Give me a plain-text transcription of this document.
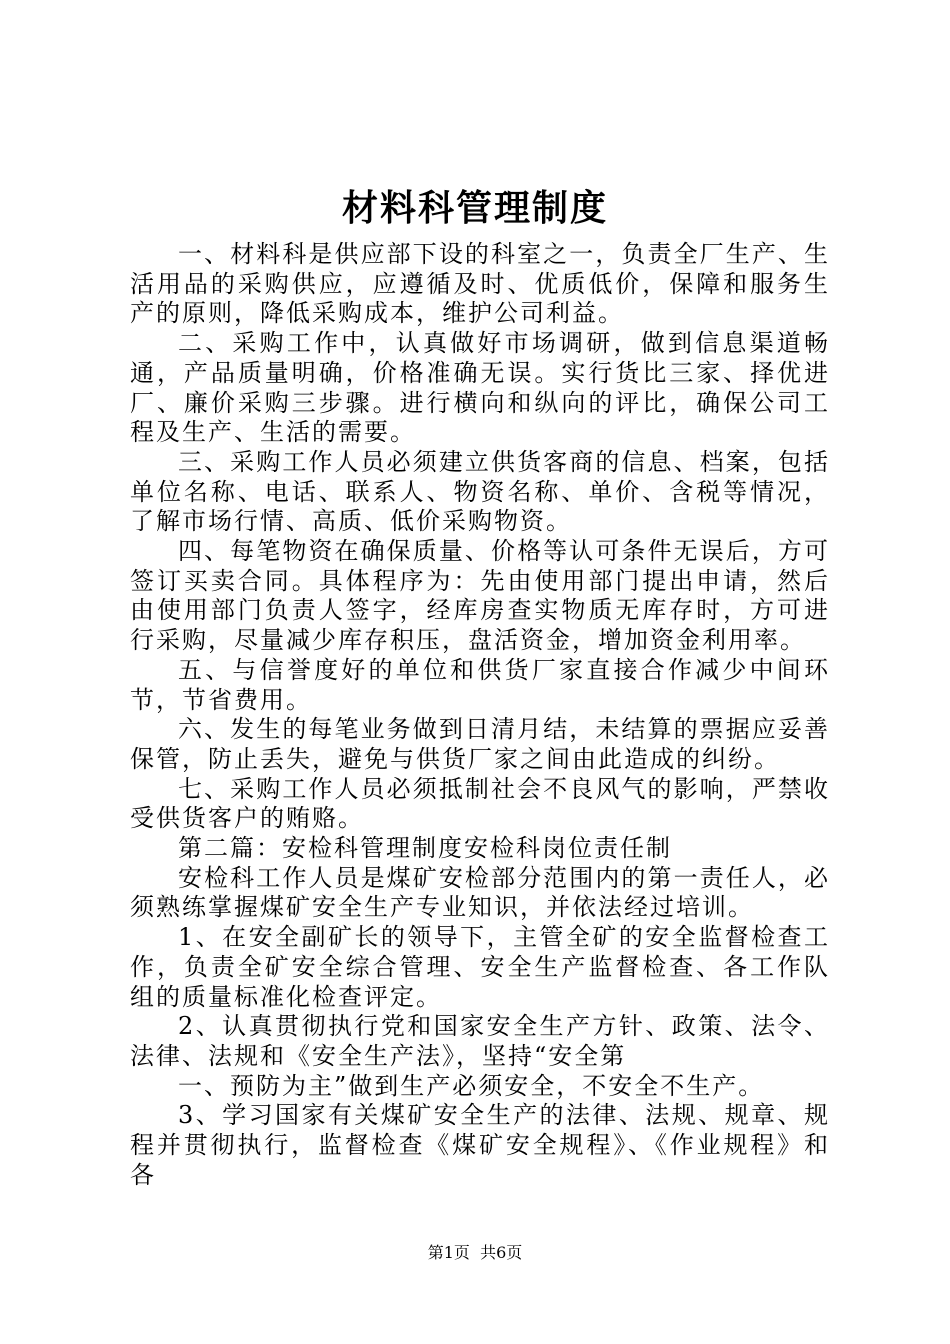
材料科管理制度

一、材料科是供应部下设的科室之一，负责全厂生产、生活用品的采购供应，应遵循及时、优质低价，保障和服务生产的原则，降低采购成本，维护公司利益。

二、采购工作中，认真做好市场调研，做到信息渠道畅通，产品质量明确，价格准确无误。实行货比三家、择优进厂、廉价采购三步骤。进行横向和纵向的评比，确保公司工程及生产、生活的需要。

三、采购工作人员必须建立供货客商的信息、档案，包括单位名称、电话、联系人、物资名称、单价、含税等情况，了解市场行情、高质、低价采购物资。

四、每笔物资在确保质量、价格等认可条件无误后，方可签订买卖合同。具体程序为：先由使用部门提出申请，然后由使用部门负责人签字，经库房查实物质无库存时，方可进行采购，尽量减少库存积压，盘活资金，增加资金利用率。

五、与信誉度好的单位和供货厂家直接合作减少中间环节，节省费用。

六、发生的每笔业务做到日清月结，未结算的票据应妥善保管，防止丢失，避免与供货厂家之间由此造成的纠纷。

七、采购工作人员必须抵制社会不良风气的影响，严禁收受供货客户的贿赂。

第二篇：安检科管理制度安检科岗位责任制

安检科工作人员是煤矿安检部分范围内的第一责任人，必须熟练掌握煤矿安全生产专业知识，并依法经过培训。

1、在安全副矿长的领导下，主管全矿的安全监督检查工作，负责全矿安全综合管理、安全生产监督检查、各工作队组的质量标准化检查评定。

2、认真贯彻执行党和国家安全生产方针、政策、法令、法律、法规和《安全生产法》，坚持“安全第

一、预防为主”做到生产必须安全，不安全不生产。

3、学习国家有关煤矿安全生产的法律、法规、规章、规程并贯彻执行，监督检查《煤矿安全规程》、《作业规程》和各

第1页  共6页
